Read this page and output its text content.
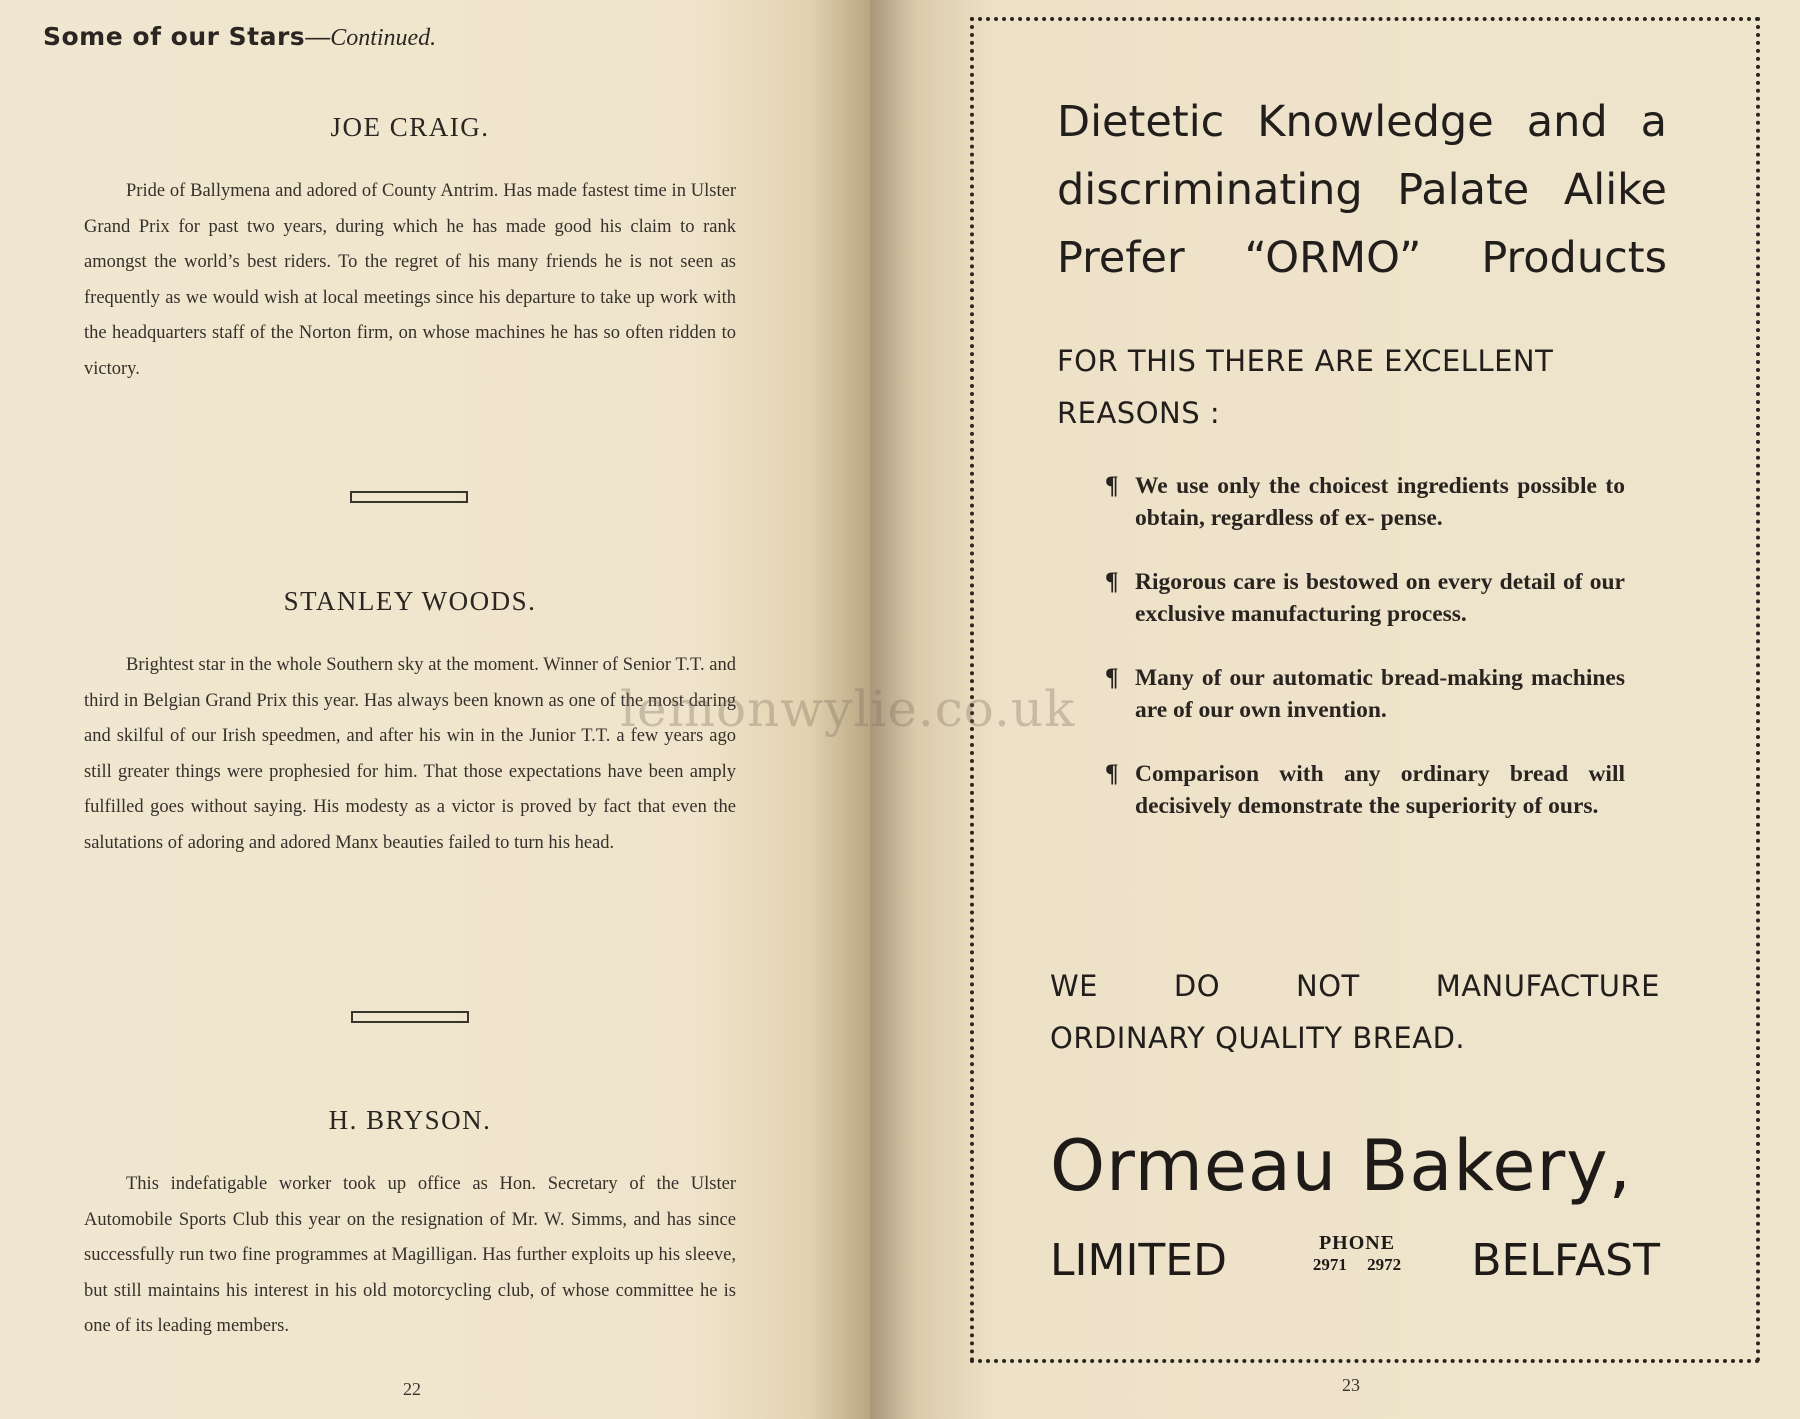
Some of our Stars—Continued.
JOE CRAIG.

Pride of Ballymena and adored of County Antrim. Has made fastest time in Ulster Grand Prix for past two years, during which he has made good his claim to rank amongst the world’s best riders. To the regret of his many friends he is not seen as frequently as we would wish at local meetings since his departure to take up work with the headquarters staff of the Norton firm, on whose machines he has so often ridden to victory.

STANLEY WOODS.

Brightest star in the whole Southern sky at the moment. Winner of Senior T.T. and third in Belgian Grand Prix this year. Has always been known as one of the most daring and skilful of our Irish speedmen, and after his win in the Junior T.T. a few years ago still greater things were prophesied for him. That those expectations have been amply fulfilled goes without saying. His modesty as a victor is proved by fact that even the salutations of adoring and adored Manx beauties failed to turn his head.

H. BRYSON.

This indefatigable worker took up office as Hon. Secretary of the Ulster Automobile Sports Club this year on the resignation of Mr. W. Simms, and has since successfully run two fine programmes at Magilligan. Has further exploits up his sleeve, but still maintains his interest in his old motorcycling club, of whose committee he is one of its leading members.

22
Dietetic Knowledge and a discriminating Palate Alike Prefer “ORMO” Products
FOR THIS THERE ARE EXCELLENT REASONS :
¶ We use only the choicest ingredients possible to obtain, regardless of ex- pense.
¶ Rigorous care is bestowed on every detail of our exclusive manufacturing process.
¶ Many of our automatic bread-making machines are of our own invention.
¶ Comparison with any ordinary bread will decisively demonstrate the superiority of ours.
WE DO NOT MANUFACTURE
ORDINARY QUALITY BREAD.
Ormeau Bakery,
LIMITED	PHONE
2971 2972	BELFAST
23
lemonwylie.co.uk
